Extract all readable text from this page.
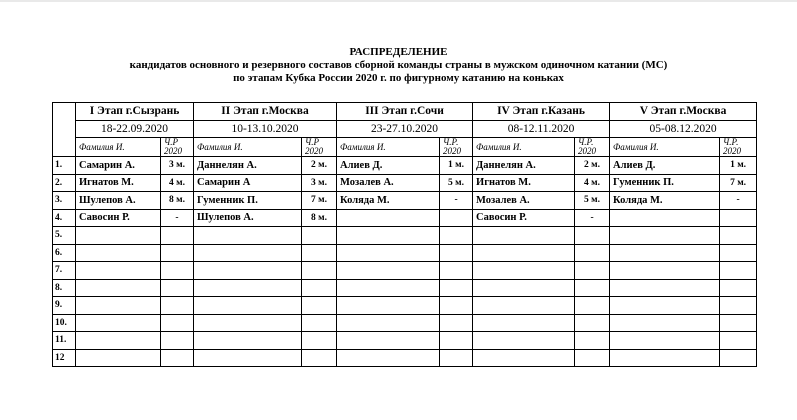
РАСПРЕДЕЛЕНИЕ
кандидатов основного и резервного составов сборной команды страны в мужском одиночном катании (МС)
по этапам Кубка России 2020 г. по фигурному катанию на коньках
	I Этап г.Сызрань		II Этап г.Москва		III Этап г.Сочи		IV Этап г.Казань		V Этап г.Москва	
	18-22.09.2020		10-13.10.2020		23-27.10.2020		08-12.11.2020		05-08.12.2020	
	Фамилия И.	Ч.Р 2020	Фамилия И.	Ч.Р 2020	Фамилия И.	Ч.Р. 2020	Фамилия И.	Ч.Р. 2020	Фамилия И.	Ч.Р. 2020
1.	Самарин А.	3 м.	Даннелян А.	2 м.	Алиев Д.	1 м.	Даннелян А.	2 м.	Алиев Д.	1 м.
2.	Игнатов М.	4 м.	Самарин А	3 м.	Мозалев А.	5 м.	Игнатов М.	4 м.	Гуменник П.	7 м.
3.	Шулепов А.	8 м.	Гуменник П.	7 м.	Коляда М.	-	Мозалев А.	5 м.	Коляда М.	-
4.	Савосин Р.	-	Шулепов А.	8 м.			Савосин Р.	-		
5.										
6.										
7.										
8.										
9.										
10.										
11.										
12										
